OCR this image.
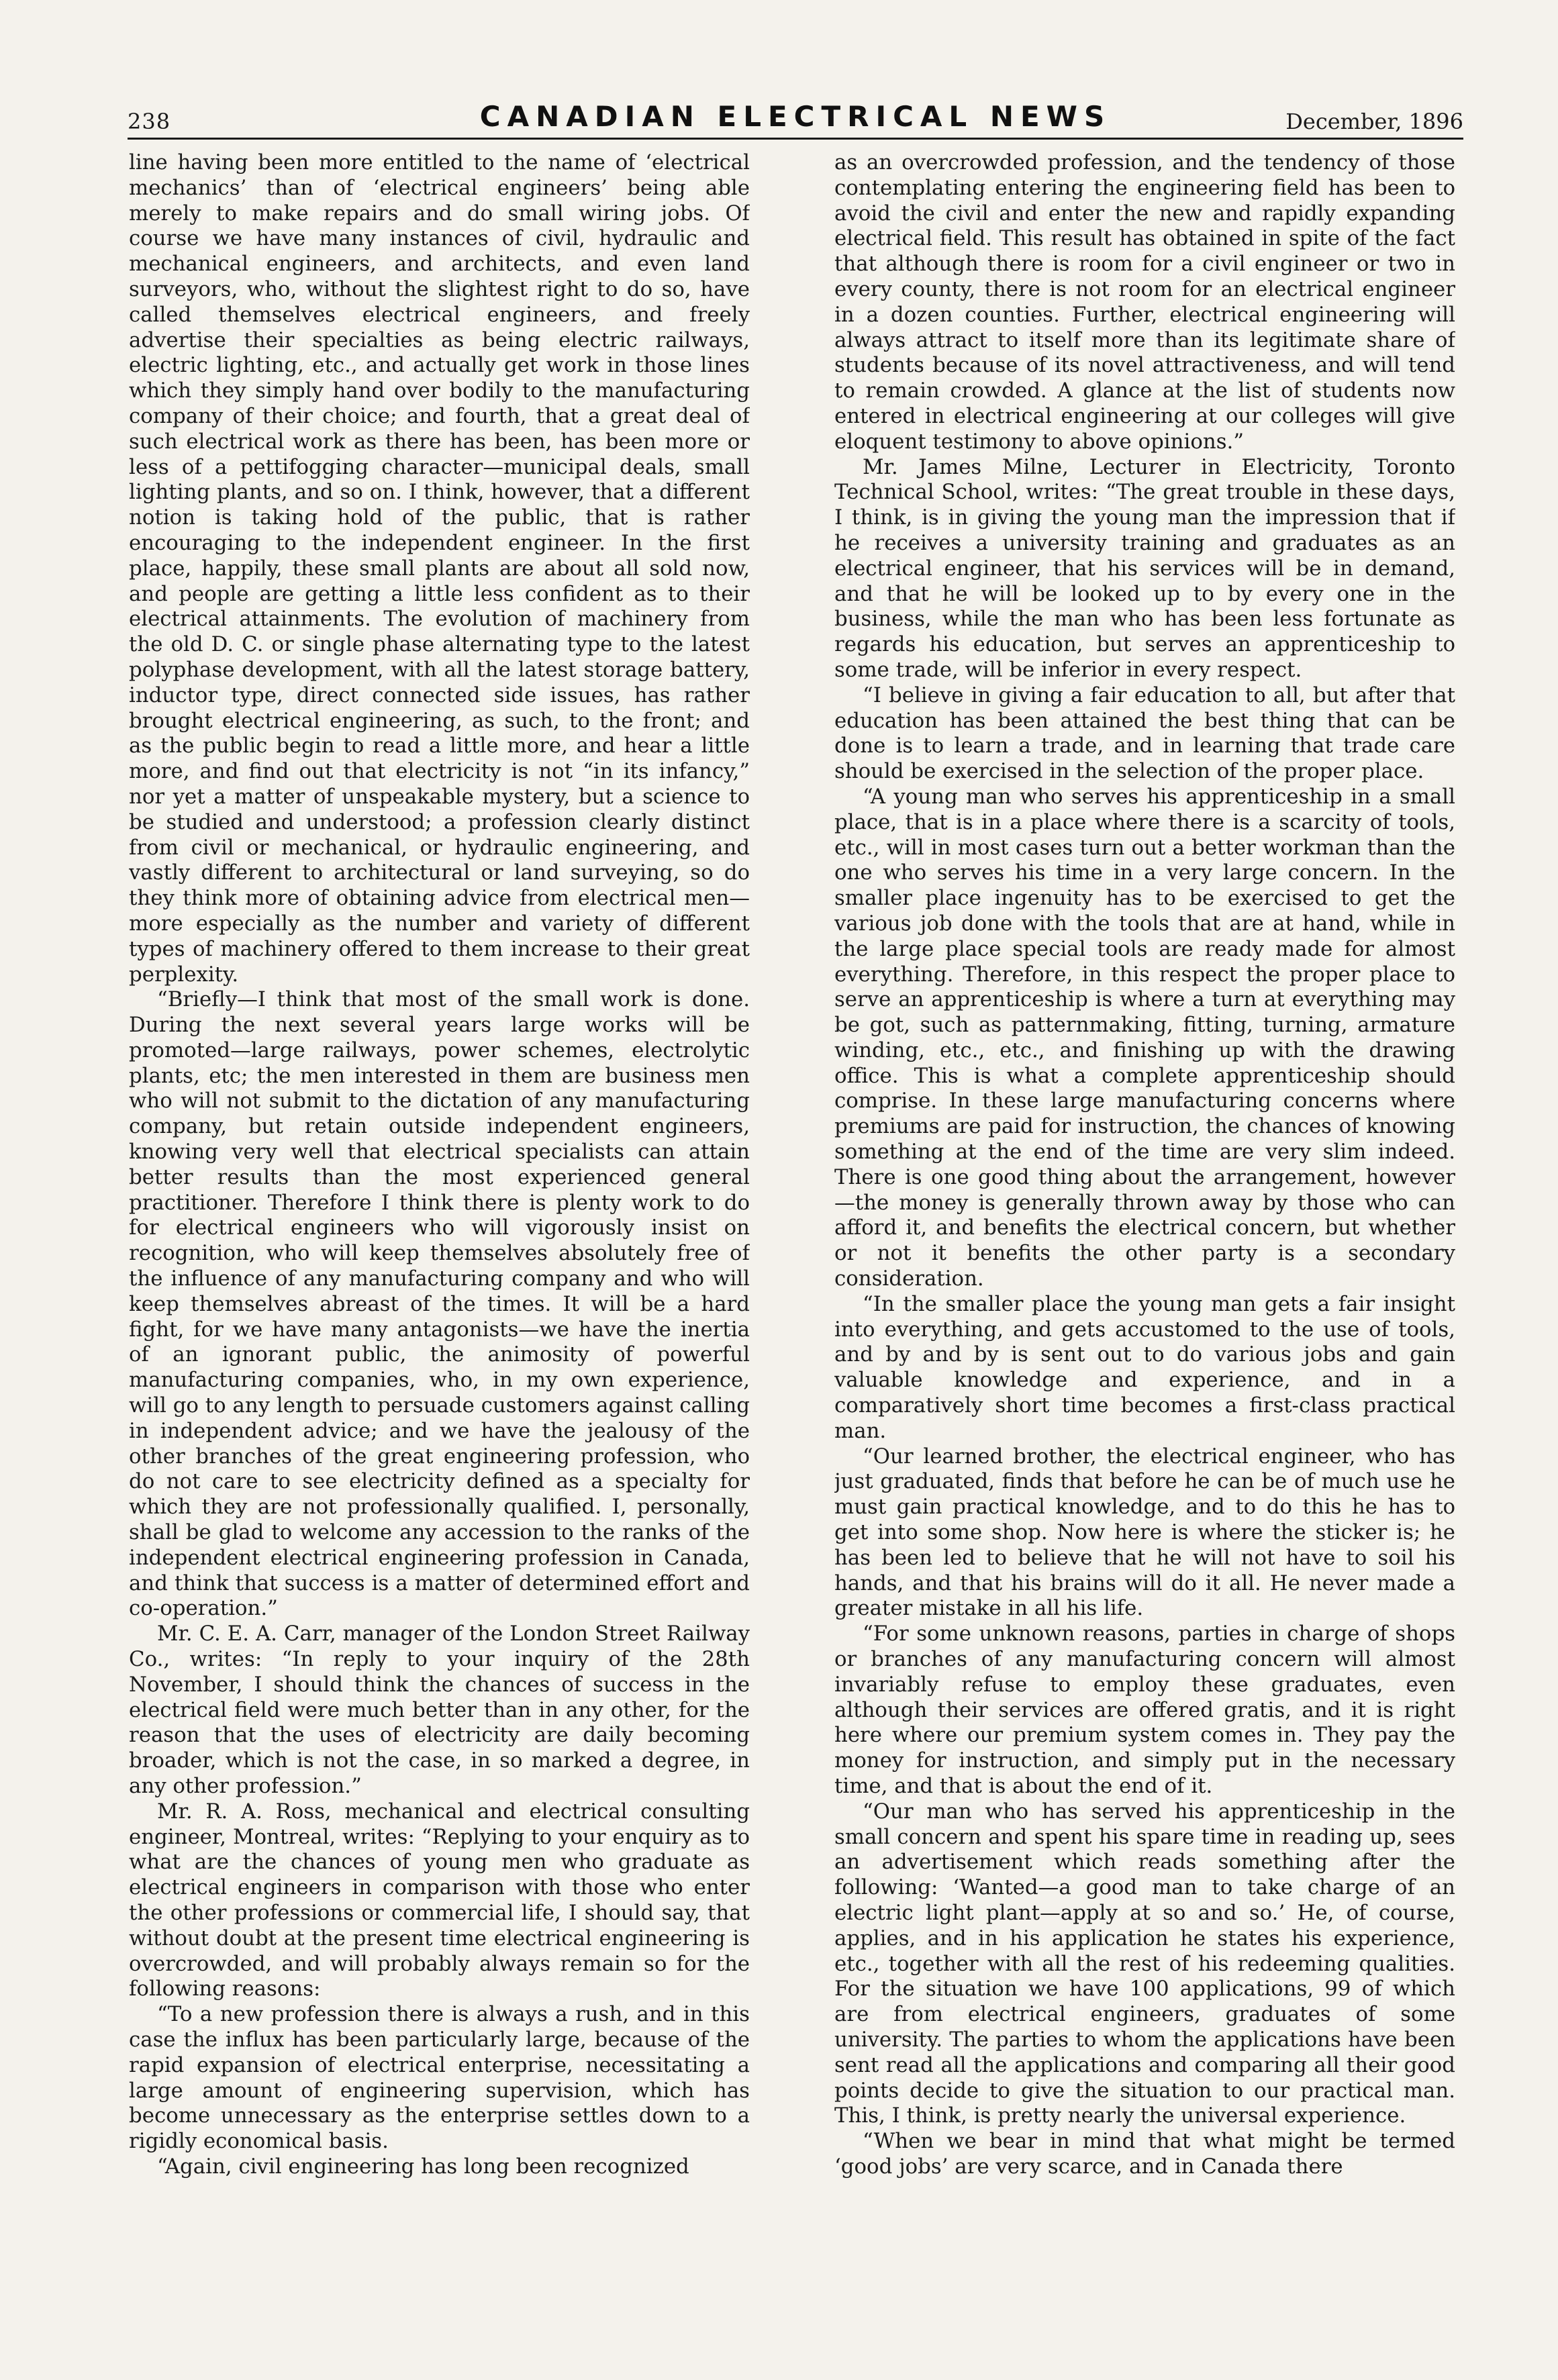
238	CANADIAN ELECTRICAL NEWS	December, 1896

line having been more entitled to the name of ‘electrical mechanics’ than of ‘electrical engineers’ being able merely to make repairs and do small wiring jobs. Of course we have many instances of civil, hydraulic and mechanical engineers, and architects, and even land surveyors, who, without the slightest right to do so, have called themselves electrical engineers, and freely advertise their specialties as being electric railways, electric lighting, etc., and actually get work in those lines which they simply hand over bodily to the manufacturing company of their choice; and fourth, that a great deal of such electrical work as there has been, has been more or less of a pettifogging character—municipal deals, small lighting plants, and so on. I think, however, that a different notion is taking hold of the public, that is rather encouraging to the independent engineer. In the first place, happily, these small plants are about all sold now, and people are getting a little less confident as to their electrical attainments. The evolution of machinery from the old D. C. or single phase alternating type to the latest polyphase development, with all the latest storage battery, inductor type, direct connected side issues, has rather brought electrical engineering, as such, to the front; and as the public begin to read a little more, and hear a little more, and find out that electricity is not “in its infancy,” nor yet a matter of unspeakable mystery, but a science to be studied and understood; a profession clearly distinct from civil or mechanical, or hydraulic engineering, and vastly different to architectural or land surveying, so do they think more of obtaining advice from electrical men—more especially as the number and variety of different types of machinery offered to them increase to their great perplexity.

“Briefly—I think that most of the small work is done. During the next several years large works will be promoted—large railways, power schemes, electrolytic plants, etc; the men interested in them are business men who will not submit to the dictation of any manufacturing company, but retain outside independent engineers, knowing very well that electrical specialists can attain better results than the most experienced general practitioner. Therefore I think there is plenty work to do for electrical engineers who will vigorously insist on recognition, who will keep themselves absolutely free of the influence of any manufacturing company and who will keep themselves abreast of the times. It will be a hard fight, for we have many antagonists—we have the inertia of an ignorant public, the animosity of powerful manufacturing companies, who, in my own experience, will go to any length to persuade customers against calling in independent advice; and we have the jealousy of the other branches of the great engineering profession, who do not care to see electricity defined as a specialty for which they are not professionally qualified. I, personally, shall be glad to welcome any accession to the ranks of the independent electrical engineering profession in Canada, and think that success is a matter of determined effort and co-operation.”

Mr. C. E. A. Carr, manager of the London Street Railway Co., writes: “In reply to your inquiry of the 28th November, I should think the chances of success in the electrical field were much better than in any other, for the reason that the uses of electricity are daily becoming broader, which is not the case, in so marked a degree, in any other profession.”

Mr. R. A. Ross, mechanical and electrical consulting engineer, Montreal, writes: “Replying to your enquiry as to what are the chances of young men who graduate as electrical engineers in comparison with those who enter the other professions or commercial life, I should say, that without doubt at the present time electrical engineering is overcrowded, and will probably always remain so for the following reasons:

“To a new profession there is always a rush, and in this case the influx has been particularly large, because of the rapid expansion of electrical enterprise, necessitating a large amount of engineering supervision, which has become unnecessary as the enterprise settles down to a rigidly economical basis.

“Again, civil engineering has long been recognized

as an overcrowded profession, and the tendency of those contemplating entering the engineering field has been to avoid the civil and enter the new and rapidly expanding electrical field. This result has obtained in spite of the fact that although there is room for a civil engineer or two in every county, there is not room for an electrical engineer in a dozen counties. Further, electrical engineering will always attract to itself more than its legitimate share of students because of its novel attractiveness, and will tend to remain crowded. A glance at the list of students now entered in electrical engineering at our colleges will give eloquent testimony to above opinions.”

Mr. James Milne, Lecturer in Electricity, Toronto Technical School, writes: “The great trouble in these days, I think, is in giving the young man the impression that if he receives a university training and graduates as an electrical engineer, that his services will be in demand, and that he will be looked up to by every one in the business, while the man who has been less fortunate as regards his education, but serves an apprenticeship to some trade, will be inferior in every respect.

“I believe in giving a fair education to all, but after that education has been attained the best thing that can be done is to learn a trade, and in learning that trade care should be exercised in the selection of the proper place.

“A young man who serves his apprenticeship in a small place, that is in a place where there is a scarcity of tools, etc., will in most cases turn out a better workman than the one who serves his time in a very large concern. In the smaller place ingenuity has to be exercised to get the various job done with the tools that are at hand, while in the large place special tools are ready made for almost everything. Therefore, in this respect the proper place to serve an apprenticeship is where a turn at everything may be got, such as patternmaking, fitting, turning, armature winding, etc., etc., and finishing up with the drawing office. This is what a complete apprenticeship should comprise. In these large manufacturing concerns where premiums are paid for instruction, the chances of knowing something at the end of the time are very slim indeed. There is one good thing about the arrangement, however—the money is generally thrown away by those who can afford it, and benefits the electrical concern, but whether or not it benefits the other party is a secondary consideration.

“In the smaller place the young man gets a fair insight into everything, and gets accustomed to the use of tools, and by and by is sent out to do various jobs and gain valuable knowledge and experience, and in a comparatively short time becomes a first-class practical man.

“Our learned brother, the electrical engineer, who has just graduated, finds that before he can be of much use he must gain practical knowledge, and to do this he has to get into some shop. Now here is where the sticker is; he has been led to believe that he will not have to soil his hands, and that his brains will do it all. He never made a greater mistake in all his life.

“For some unknown reasons, parties in charge of shops or branches of any manufacturing concern will almost invariably refuse to employ these graduates, even although their services are offered gratis, and it is right here where our premium system comes in. They pay the money for instruction, and simply put in the necessary time, and that is about the end of it.

“Our man who has served his apprenticeship in the small concern and spent his spare time in reading up, sees an advertisement which reads something after the following: ‘Wanted—a good man to take charge of an electric light plant—apply at so and so.’ He, of course, applies, and in his application he states his experience, etc., together with all the rest of his redeeming qualities. For the situation we have 100 applications, 99 of which are from electrical engineers, graduates of some university. The parties to whom the applications have been sent read all the applications and comparing all their good points decide to give the situation to our practical man. This, I think, is pretty nearly the universal experience.

“When we bear in mind that what might be termed ‘good jobs’ are very scarce, and in Canada there
